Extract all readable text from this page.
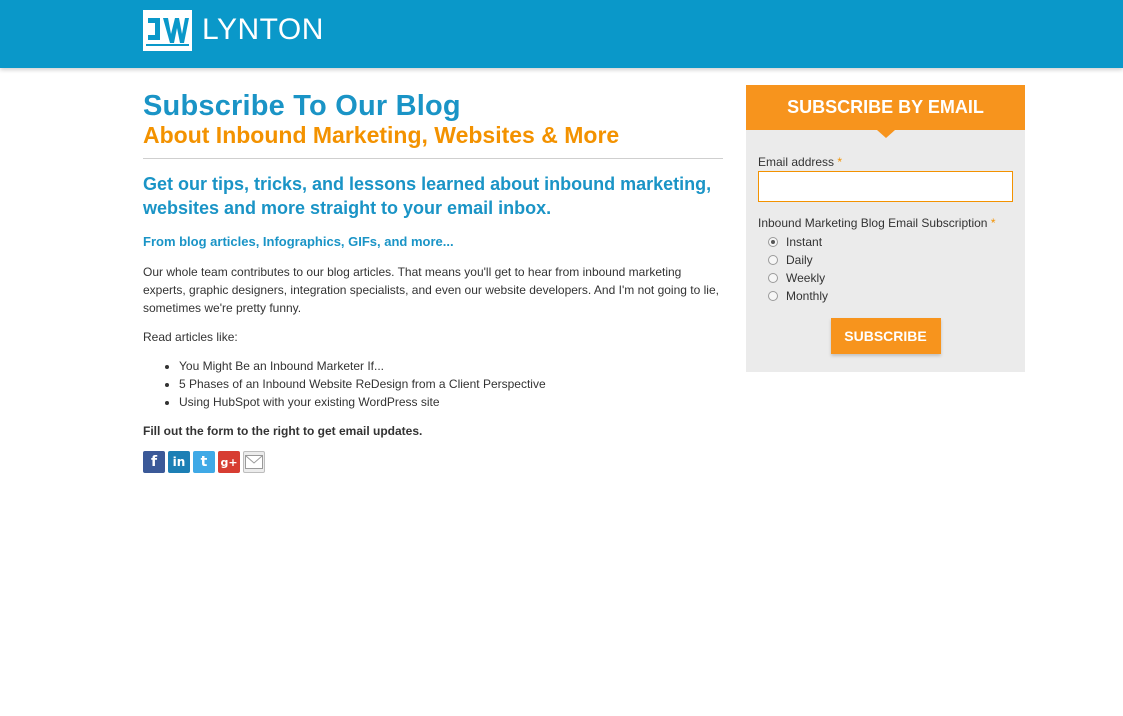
LYNTON
Subscribe To Our Blog
About Inbound Marketing, Websites & More

Get our tips, tricks, and lessons learned about inbound marketing, websites and more straight to your email inbox.

From blog articles, Infographics, GIFs, and more...

Our whole team contributes to our blog articles. That means you'll get to hear from inbound marketing experts, graphic designers, integration specialists, and even our website developers. And I'm not going to lie, sometimes we're pretty funny.

Read articles like:

• You Might Be an Inbound Marketer If...
• 5 Phases of an Inbound Website ReDesign from a Client Perspective
• Using HubSpot with your existing WordPress site

Fill out the form to the right to get email updates.

f	in	t	g+
SUBSCRIBE BY EMAIL
Email address *
Inbound Marketing Blog Email Subscription *
Instant
Daily
Weekly
Monthly
SUBSCRIBE
